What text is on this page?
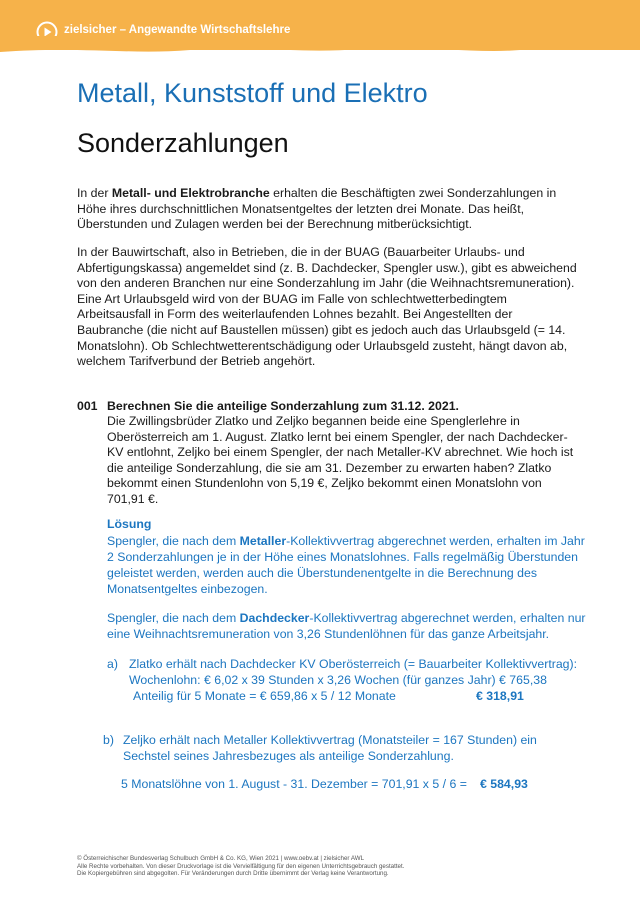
zielsicher – Angewandte Wirtschaftslehre
Metall, Kunststoff und Elektro
Sonderzahlungen

In der Metall- und Elektrobranche erhalten die Beschäftigten zwei Sonderzahlungen in Höhe ihres durchschnittlichen Monatsentgeltes der letzten drei Monate. Das heißt, Überstunden und Zulagen werden bei der Berechnung mitberücksichtigt.

In der Bauwirtschaft, also in Betrieben, die in der BUAG (Bauarbeiter Urlaubs- und Abfertigungskassa) angemeldet sind (z. B. Dachdecker, Spengler usw.), gibt es abweichend von den anderen Branchen nur eine Sonderzahlung im Jahr (die Weihnachtsremuneration). Eine Art Urlaubsgeld wird von der BUAG im Falle von schlechtwetterbedingtem Arbeitsausfall in Form des weiterlaufenden Lohnes bezahlt. Bei Angestellten der Baubranche (die nicht auf Baustellen müssen) gibt es jedoch auch das Urlaubsgeld (= 14. Monatslohn). Ob Schlechtwetterentschädigung oder Urlaubsgeld zusteht, hängt davon ab, welchem Tarifverbund der Betrieb angehört.

001 Berechnen Sie die anteilige Sonderzahlung zum 31.12. 2021.

Die Zwillingsbrüder Zlatko und Zeljko begannen beide eine Spenglerlehre in Oberösterreich am 1. August. Zlatko lernt bei einem Spengler, der nach Dachdecker-KV entlohnt, Zeljko bei einem Spengler, der nach Metaller-KV abrechnet. Wie hoch ist die anteilige Sonderzahlung, die sie am 31. Dezember zu erwarten haben? Zlatko bekommt einen Stundenlohn von 5,19 €, Zeljko bekommt einen Monatslohn von 701,91 €.

Lösung

Spengler, die nach dem Metaller-Kollektivvertrag abgerechnet werden, erhalten im Jahr 2 Sonderzahlungen je in der Höhe eines Monatslohnes. Falls regelmäßig Überstunden geleistet werden, werden auch die Überstundenentgelte in die Berechnung des Monatsentgeltes einbezogen.

Spengler, die nach dem Dachdecker-Kollektivvertrag abgerechnet werden, erhalten nur eine Weihnachtsremuneration von 3,26 Stundenlöhnen für das ganze Arbeitsjahr.

a) Zlatko erhält nach Dachdecker KV Oberösterreich (= Bauarbeiter Kollektivvertrag):

Wochenlohn: € 6,02 x 39 Stunden x 3,26 Wochen (für ganzes Jahr) € 765,38

Anteilig für 5 Monate = € 659,86 x 5 / 12 Monate	€ 318,91

b) Zeljko erhält nach Metaller Kollektivvertrag (Monatsteiler = 167 Stunden) ein

Sechstel seines Jahresbezuges als anteilige Sonderzahlung.

5 Monatslöhne von 1. August - 31. Dezember = 701,91 x 5 / 6 = € 584,93

© Österreichischer Bundesverlag Schulbuch GmbH & Co. KG, Wien 2021 | www.oebv.at | zielsicher AWL
Alle Rechte vorbehalten. Von dieser Druckvorlage ist die Vervielfältigung für den eigenen Unterrichtsgebrauch gestattet.
Die Kopiergebühren sind abgegolten. Für Veränderungen durch Dritte übernimmt der Verlag keine Verantwortung.
